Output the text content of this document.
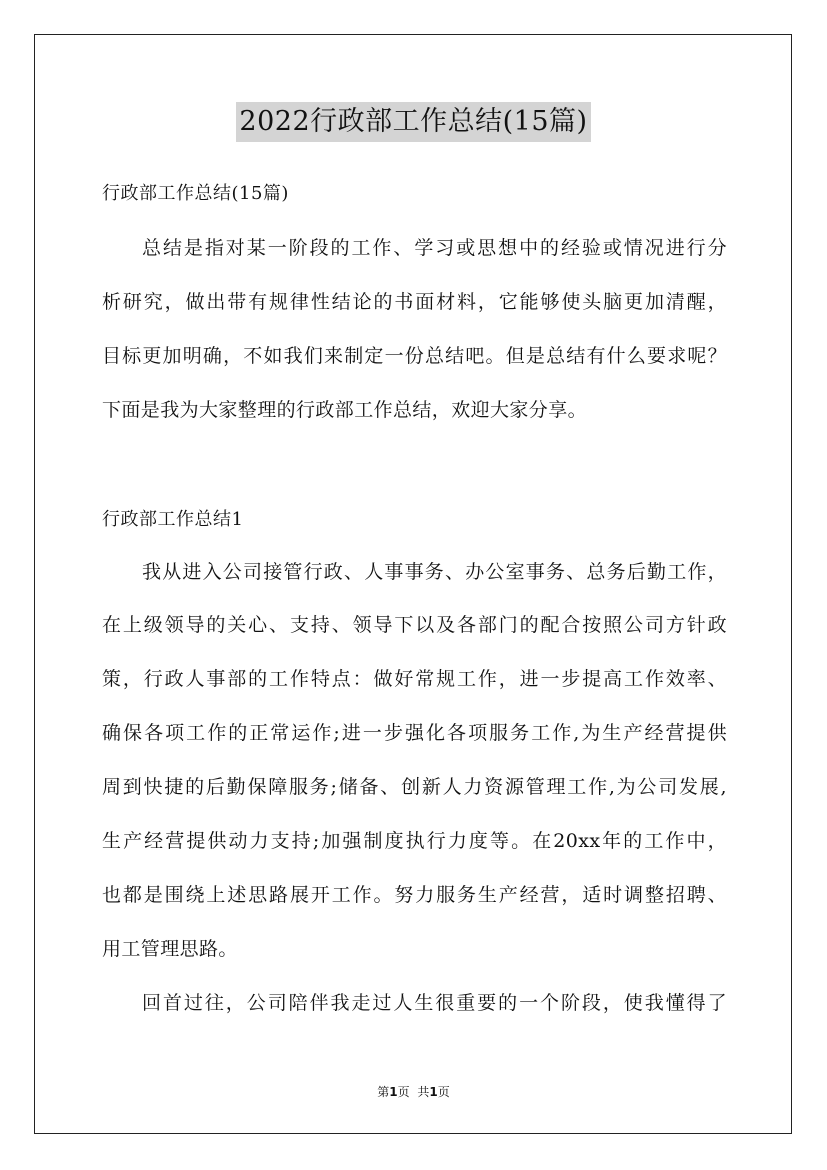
2022行政部工作总结(15篇)
行政部工作总结(15篇)
总结是指对某一阶段的工作、学习或思想中的经验或情况进行分
析研究，做出带有规律性结论的书面材料，它能够使头脑更加清醒，
目标更加明确，不如我们来制定一份总结吧。但是总结有什么要求呢？
下面是我为大家整理的行政部工作总结，欢迎大家分享。
行政部工作总结1
我从进入公司接管行政、人事事务、办公室事务、总务后勤工作，
在上级领导的关心、支持、领导下以及各部门的配合按照公司方针政
策，行政人事部的工作特点：做好常规工作，进一步提高工作效率、
确保各项工作的正常运作;进一步强化各项服务工作,为生产经营提供
周到快捷的后勤保障服务;储备、创新人力资源管理工作,为公司发展,
生产经营提供动力支持;加强制度执行力度等。在20xx年的工作中，
也都是围绕上述思路展开工作。努力服务生产经营，适时调整招聘、
用工管理思路。
回首过往，公司陪伴我走过人生很重要的一个阶段，使我懂得了
第1页 共1页
